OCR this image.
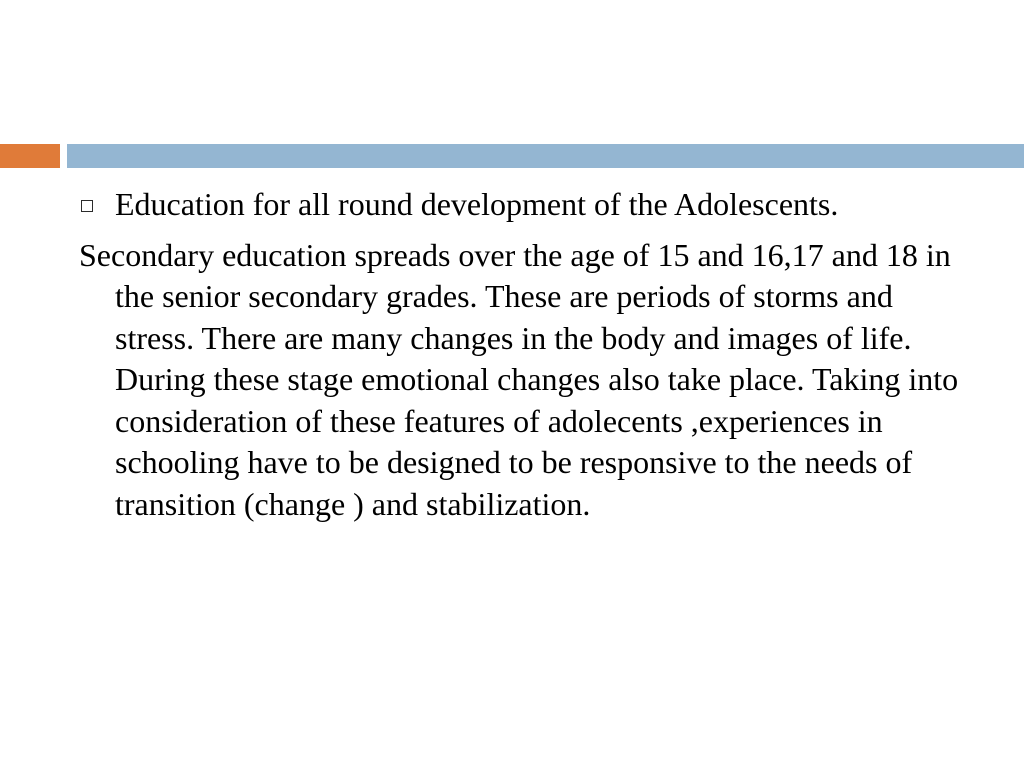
Education for all round development of the Adolescents.

Secondary education spreads over the age of 15 and 16,17 and 18 in the senior secondary grades. These are periods of storms and stress. There are many changes in the body and images of life. During these stage emotional changes also take place. Taking into consideration of these features of adolecents ,experiences in schooling have to be designed to be responsive to the needs of transition (change ) and stabilization.
